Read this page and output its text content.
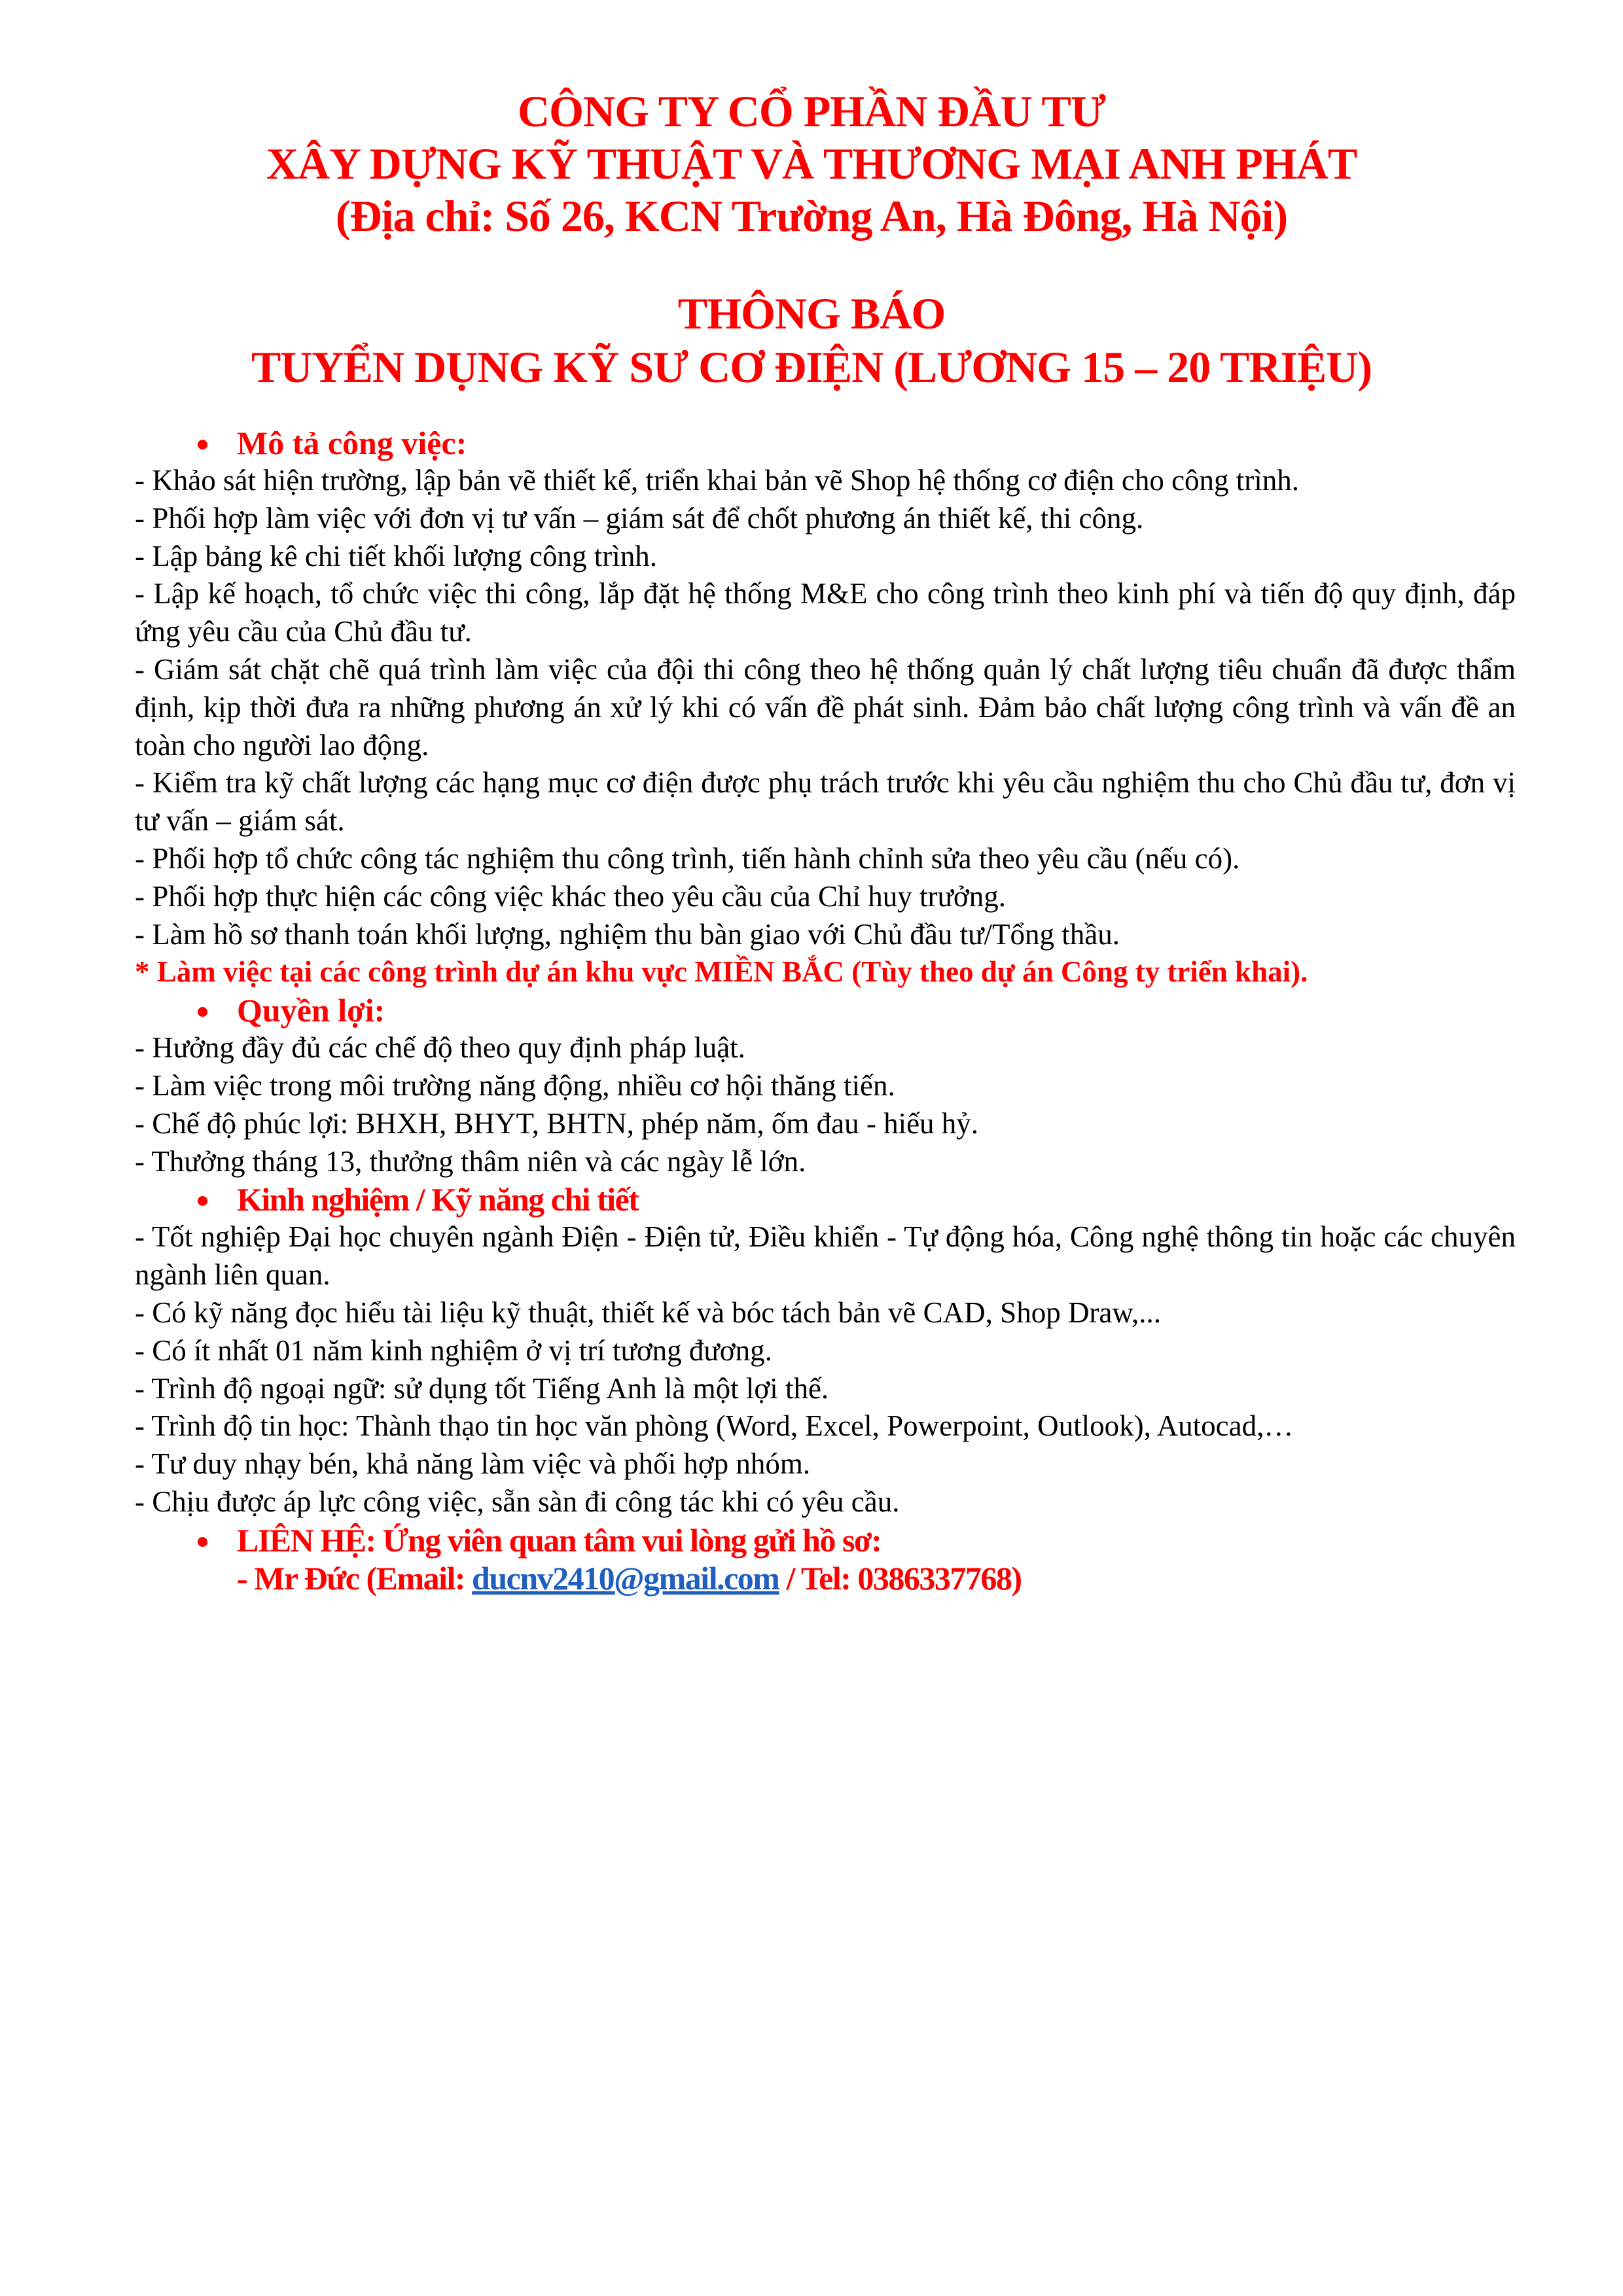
CÔNG TY CỔ PHẦN ĐẦU TƯ
XÂY DỰNG KỸ THUẬT VÀ THƯƠNG MẠI ANH PHÁT
(Địa chỉ: Số 26, KCN Trường An, Hà Đông, Hà Nội)
THÔNG BÁO
TUYỂN DỤNG KỸ SƯ CƠ ĐIỆN (LƯƠNG 15 – 20 TRIỆU)
Mô tả công việc:
- Khảo sát hiện trường, lập bản vẽ thiết kế, triển khai bản vẽ Shop hệ thống cơ điện cho công trình.
- Phối hợp làm việc với đơn vị tư vấn – giám sát để chốt phương án thiết kế, thi công.
- Lập bảng kê chi tiết khối lượng công trình.
- Lập kế hoạch, tổ chức việc thi công, lắp đặt hệ thống M&E cho công trình theo kinh phí và tiến độ quy định, đáp ứng yêu cầu của Chủ đầu tư.
- Giám sát chặt chẽ quá trình làm việc của đội thi công theo hệ thống quản lý chất lượng tiêu chuẩn đã được thẩm định, kịp thời đưa ra những phương án xử lý khi có vấn đề phát sinh. Đảm bảo chất lượng công trình và vấn đề an toàn cho người lao động.
- Kiểm tra kỹ chất lượng các hạng mục cơ điện được phụ trách trước khi yêu cầu nghiệm thu cho Chủ đầu tư, đơn vị tư vấn – giám sát.
- Phối hợp tổ chức công tác nghiệm thu công trình, tiến hành chỉnh sửa theo yêu cầu (nếu có).
- Phối hợp thực hiện các công việc khác theo yêu cầu của Chỉ huy trưởng.
- Làm hồ sơ thanh toán khối lượng, nghiệm thu bàn giao với Chủ đầu tư/Tổng thầu.
* Làm việc tại các công trình dự án khu vực MIỀN BẮC (Tùy theo dự án Công ty triển khai).
Quyền lợi:
- Hưởng đầy đủ các chế độ theo quy định pháp luật.
- Làm việc trong môi trường năng động, nhiều cơ hội thăng tiến.
- Chế độ phúc lợi: BHXH, BHYT, BHTN, phép năm, ốm đau - hiếu hỷ.
- Thưởng tháng 13, thưởng thâm niên và các ngày lễ lớn.
Kinh nghiệm / Kỹ năng chi tiết
- Tốt nghiệp Đại học chuyên ngành Điện - Điện tử, Điều khiển - Tự động hóa, Công nghệ thông tin hoặc các chuyên ngành liên quan.
- Có kỹ năng đọc hiểu tài liệu kỹ thuật, thiết kế và bóc tách bản vẽ CAD, Shop Draw,...
- Có ít nhất 01 năm kinh nghiệm ở vị trí tương đương.
- Trình độ ngoại ngữ: sử dụng tốt Tiếng Anh là một lợi thế.
- Trình độ tin học: Thành thạo tin học văn phòng (Word, Excel, Powerpoint, Outlook), Autocad,…
- Tư duy nhạy bén, khả năng làm việc và phối hợp nhóm.
- Chịu được áp lực công việc, sẵn sàn đi công tác khi có yêu cầu.
LIÊN HỆ: Ứng viên quan tâm vui lòng gửi hồ sơ:
- Mr Đức (Email: ducnv2410@gmail.com / Tel: 0386337768)
